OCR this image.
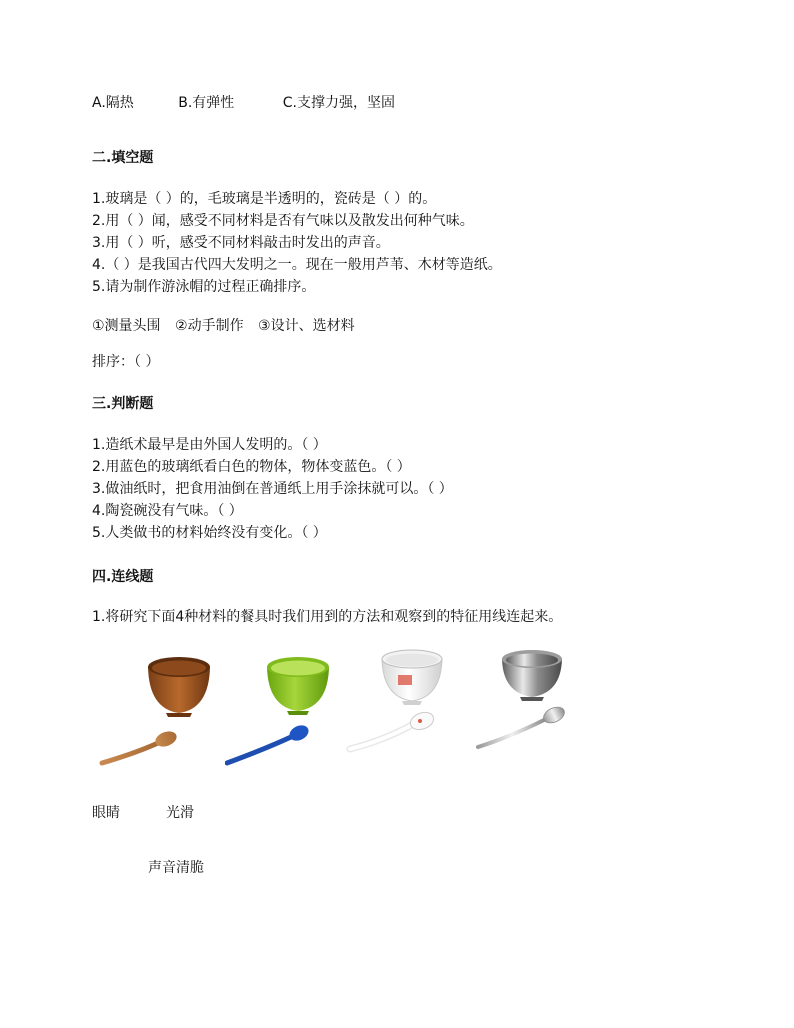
A.隔热	B.有弹性	C.支撑力强，坚固
二.填空题
1.玻璃是（ ）的，毛玻璃是半透明的，瓷砖是（ ）的。
2.用（ ）闻，感受不同材料是否有气味以及散发出何种气味。
3.用（ ）听，感受不同材料敲击时发出的声音。
4.（ ）是我国古代四大发明之一。现在一般用芦苇、木材等造纸。
5.请为制作游泳帽的过程正确排序。
①测量头围 ②动手制作 ③设计、选材料
排序：（ ）
三.判断题
1.造纸术最早是由外国人发明的。（ ）
2.用蓝色的玻璃纸看白色的物体，物体变蓝色。（ ）
3.做油纸时，把食用油倒在普通纸上用手涂抹就可以。（ ）
4.陶瓷碗没有气味。（ ）
5.人类做书的材料始终没有变化。（ ）
四.连线题
1.将研究下面4种材料的餐具时我们用到的方法和观察到的特征用线连起来。
眼睛	光滑
声音清脆
